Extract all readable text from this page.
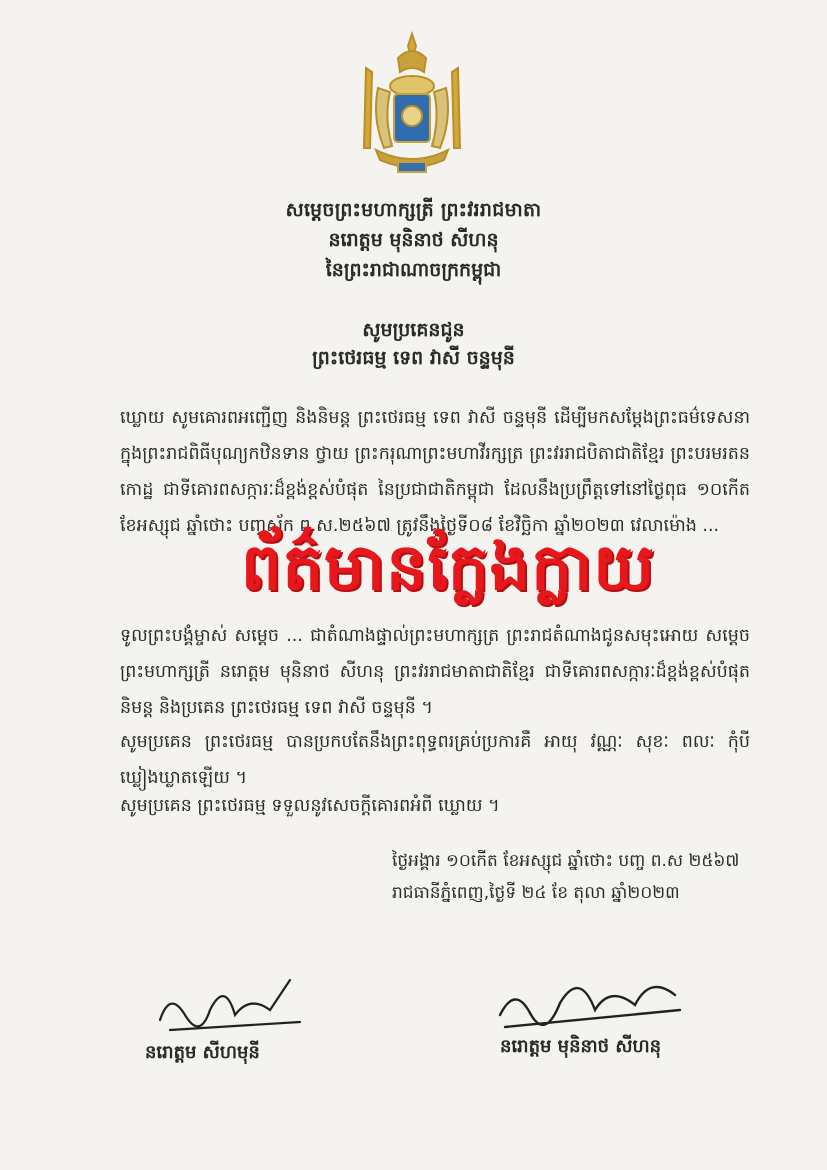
សម្ដេចព្រះមហាក្សត្រី ព្រះវររាជមាតា
នរោត្តម មុនិនាថ សីហនុ
នៃព្រះរាជាណាចក្រកម្ពុជា
សូមប្រគេនជូន
ព្រះថេរធម្ម ទេព វាសី ចន្ទមុនី
ឃ្លោយ សូមគោរពអញ្ជើញ និងនិមន្ត ព្រះថេរធម្ម ទេព វាសី ចន្ទមុនី ដើម្បីមកសម្ដែងព្រះធម៌ទេសនា ក្នុងព្រះរាជពិធីបុណ្យកឋិនទាន ថ្វាយ ព្រះករុណាព្រះមហាវីរក្សត្រ ព្រះវររាជបិតាជាតិខ្មែរ ព្រះបរមរតនកោដ្ឋ ជាទីគោរពសក្ការៈដ៏ខ្ពង់ខ្ពស់បំផុត នៃប្រជាជាតិកម្ពុជា ដែលនឹងប្រព្រឹត្តទៅនៅថ្ងៃពុធ ១០កើត ខែអស្សុជ ឆ្នាំថោះ បញ្ចស័ក ព.ស.២៥៦៧ ត្រូវនឹងថ្ងៃទី០៨ ខែវិច្ឆិកា ឆ្នាំ២០២៣ វេលាម៉ោង ...
ទូលព្រះបង្គំម្ចាស់ សម្ដេច ... ជាតំណាងផ្ទាល់ព្រះមហាក្សត្រ ព្រះរាជតំណាងជូនសមុះអោយ សម្ដេចព្រះមហាក្សត្រី នរោត្តម មុនិនាថ សីហនុ ព្រះវររាជមាតាជាតិខ្មែរ ជាទីគោរពសក្ការៈដ៏ខ្ពង់ខ្ពស់បំផុត និមន្ត និងប្រគេន ព្រះថេរធម្ម ទេព វាសី ចន្ទមុនី ។
សូមប្រគេន ព្រះថេរធម្ម បានប្រកបតែនឹងព្រះពុទ្ធពរគ្រប់ប្រការគឺ អាយុ វណ្ណៈ សុខៈ ពលៈ កុំបីឃ្លៀងឃ្លាតឡើយ ។
សូមប្រគេន ព្រះថេរធម្ម ទទួលនូវសេចក្ដីគោរពអំពី ឃ្លោយ ។
ថ្ងៃអង្គារ ១០កើត ខែអស្សុជ ឆ្នាំថោះ បញ្ច ព.ស ២៥៦៧
រាជធានីភ្នំពេញ,ថ្ងៃទី ២៤ ខែ តុលា ឆ្នាំ២០២៣
នរោត្តម សីហមុនី	នរោត្តម មុនិនាថ សីហនុ
ព័ត៌មានក្លែងក្លាយ
